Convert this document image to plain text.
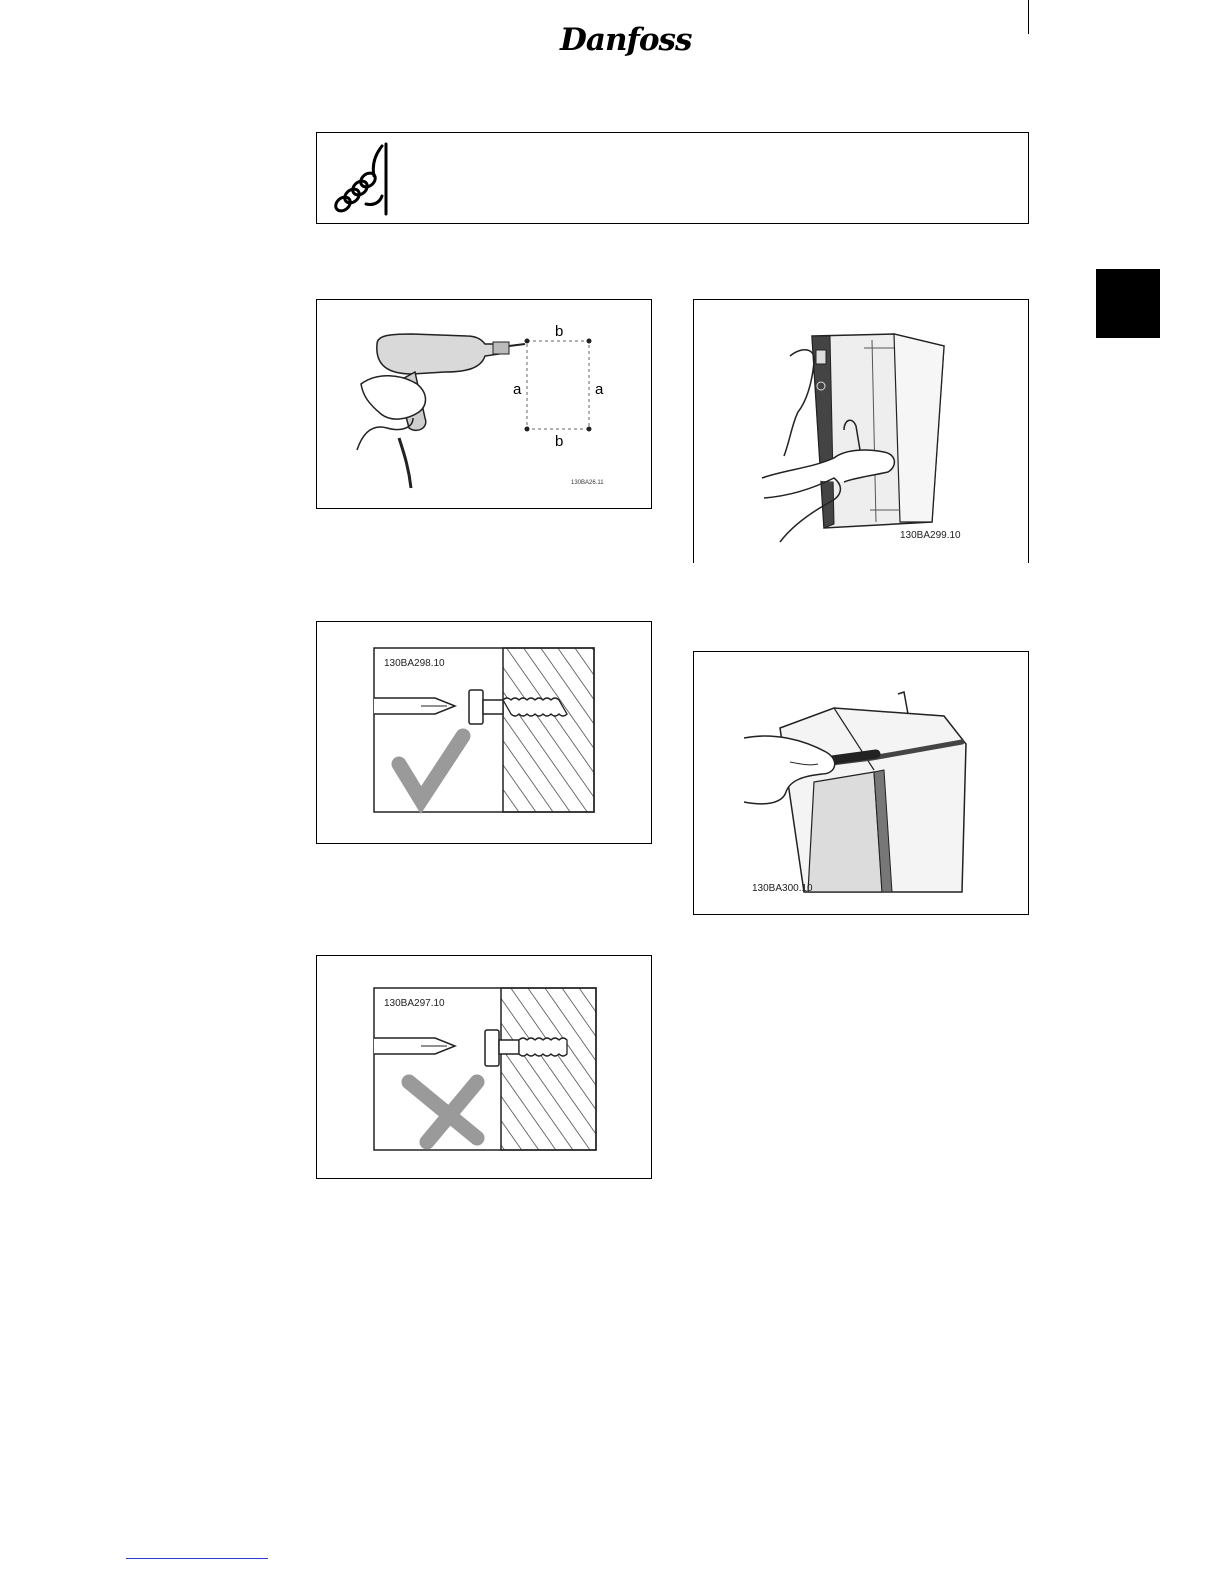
Danfoss
b
b
a	a
130BA26.11
130BA299.10
130BA298.10
130BA300.10
130BA297.10
